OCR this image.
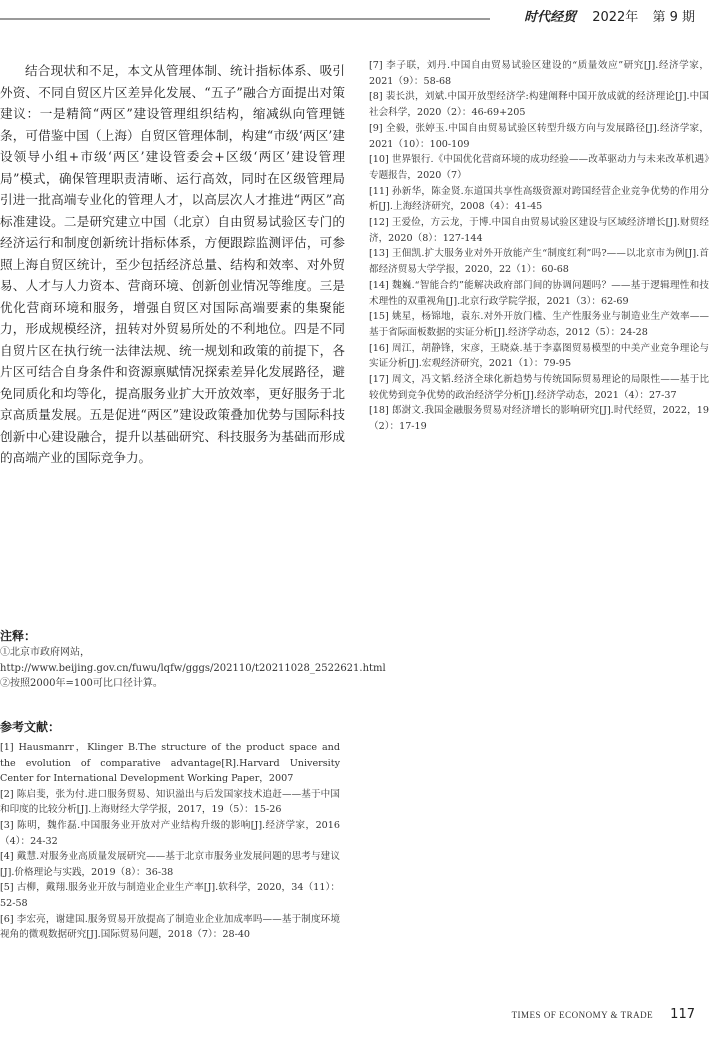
时代经贸 2022年 第 9 期

结合现状和不足，本文从管理体制、统计指标体系、吸引外资、不同自贸区片区差异化发展、“五子”融合方面提出对策建议：一是精简“两区”建设管理组织结构，缩减纵向管理链条，可借鉴中国（上海）自贸区管理体制，构建“市级‘两区’建设领导小组+市级‘两区’建设管委会+区级‘两区’建设管理局”模式，确保管理职责清晰、运行高效，同时在区级管理局引进一批高端专业化的管理人才，以高层次人才推进“两区”高标准建设。二是研究建立中国（北京）自由贸易试验区专门的经济运行和制度创新统计指标体系，方便跟踪监测评估，可参照上海自贸区统计，至少包括经济总量、结构和效率、对外贸易、人才与人力资本、营商环境、创新创业情况等维度。三是优化营商环境和服务，增强自贸区对国际高端要素的集聚能力，形成规模经济，扭转对外贸易所处的不利地位。四是不同自贸片区在执行统一法律法规、统一规划和政策的前提下，各片区可结合自身条件和资源禀赋情况探索差异化发展路径，避免同质化和均等化，提高服务业扩大开放效率，更好服务于北京高质量发展。五是促进“两区”建设政策叠加优势与国际科技创新中心建设融合，提升以基础研究、科技服务为基础而形成的高端产业的国际竞争力。

注释：
①北京市政府网站，http://www.beijing.gov.cn/fuwu/lqfw/gggs/202110/t20211028_2522621.html
②按照2000年=100可比口径计算。
参考文献：

[1] Hausmanrr，Klinger B.The structure of the product space and the evolution of comparative advantage[R].Harvard University Center for International Development Working Paper，2007

[2] 陈启斐，张为付.进口服务贸易、知识溢出与后发国家技术追赶——基于中国和印度的比较分析[J].上海财经大学学报，2017，19（5）：15-26

[3] 陈明，魏作磊.中国服务业开放对产业结构升级的影响[J].经济学家，2016（4）：24-32

[4] 戴慧.对服务业高质量发展研究——基于北京市服务业发展问题的思考与建议[J].价格理论与实践，2019（8）：36-38

[5] 古柳，戴翔.服务业开放与制造业企业生产率[J].软科学，2020，34（11）：52-58

[6] 李宏亮，谢建国.服务贸易开放提高了制造业企业加成率吗——基于制度环境视角的微观数据研究[J].国际贸易问题，2018（7）：28-40

[7] 李子联，刘丹.中国自由贸易试验区建设的“质量效应”研究[J].经济学家，2021（9）：58-68

[8] 裴长洪，刘斌.中国开放型经济学:构建阐释中国开放成就的经济理论[J].中国社会科学，2020（2）：46-69+205

[9] 全毅，张婷玉.中国自由贸易试验区转型升级方向与发展路径[J].经济学家，2021（10）：100-109

[10] 世界银行.《中国优化营商环境的成功经验——改革驱动力与未来改革机遇》专题报告，2020（7）

[11] 孙新华，陈金贤.东道国共享性高级资源对跨国经营企业竞争优势的作用分析[J].上海经济研究，2008（4）：41-45

[12] 王爱俭，方云龙，于博.中国自由贸易试验区建设与区域经济增长[J].财贸经济，2020（8）：127-144

[13] 王佃凯.扩大服务业对外开放能产生“制度红利”吗?——以北京市为例[J].首都经济贸易大学学报，2020，22（1）：60-68

[14] 魏巍.“智能合约”能解决政府部门间的协调问题吗？——基于逻辑理性和技术理性的双重视角[J].北京行政学院学报，2021（3）：62-69

[15] 姚星，杨锦地，袁东.对外开放门槛、生产性服务业与制造业生产效率——基于省际面板数据的实证分析[J].经济学动态，2012（5）：24-28

[16] 周江，胡静锋，宋彦，王晓焱.基于李嘉图贸易模型的中美产业竞争理论与实证分析[J].宏观经济研究，2021（1）：79-95

[17] 周文，冯文韬.经济全球化新趋势与传统国际贸易理论的局限性——基于比较优势到竞争优势的政治经济学分析[J].经济学动态，2021（4）：27-37

[18] 郎澍文.我国金融服务贸易对经济增长的影响研究[J].时代经贸，2022，19（2）：17-19

TIMES OF ECONOMY & TRADE 117
